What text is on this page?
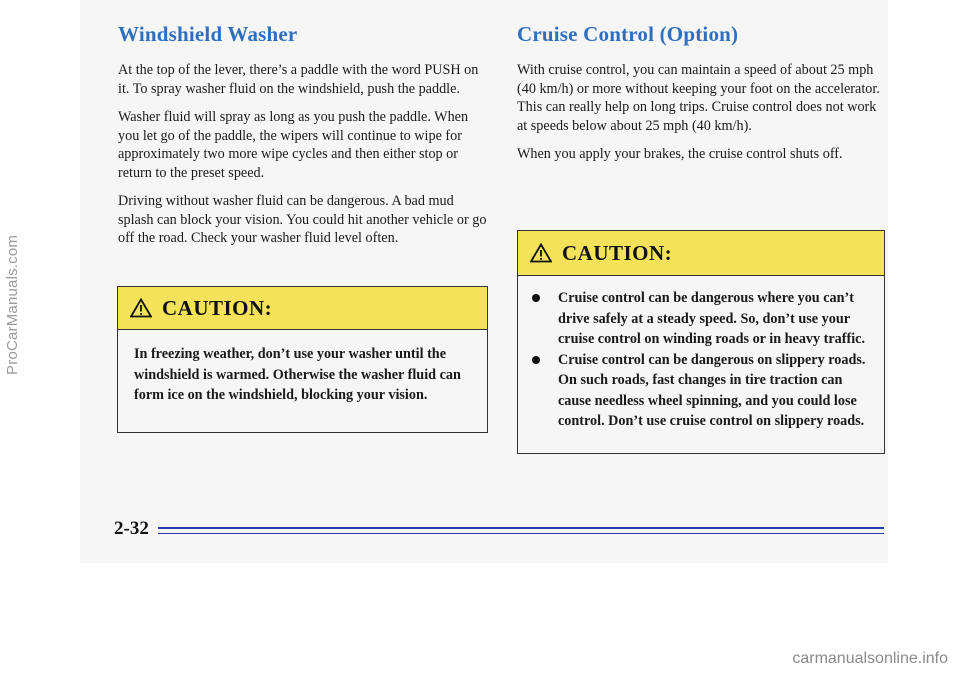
Windshield Washer

At the top of the lever, there’s a paddle with the word PUSH on it. To spray washer fluid on the windshield, push the paddle.

Washer fluid will spray as long as you push the paddle. When you let go of the paddle, the wipers will continue to wipe for approximately two more wipe cycles and then either stop or return to the preset speed.

Driving without washer fluid can be dangerous. A bad mud splash can block your vision. You could hit another vehicle or go off the road. Check your washer fluid level often.

CAUTION:
In freezing weather, don’t use your washer until the windshield is warmed. Otherwise the washer fluid can form ice on the windshield, blocking your vision.
Cruise Control (Option)

With cruise control, you can maintain a speed of about 25 mph (40 km/h) or more without keeping your foot on the accelerator. This can really help on long trips. Cruise control does not work at speeds below about 25 mph (40 km/h).

When you apply your brakes, the cruise control shuts off.

CAUTION:
Cruise control can be dangerous where you can’t drive safely at a steady speed. So, don’t use your cruise control on winding roads or in heavy traffic.
Cruise control can be dangerous on slippery roads. On such roads, fast changes in tire traction can cause needless wheel spinning, and you could lose control. Don’t use cruise control on slippery roads.
2-32
ProCarManuals.com
carmanualsonline.info
